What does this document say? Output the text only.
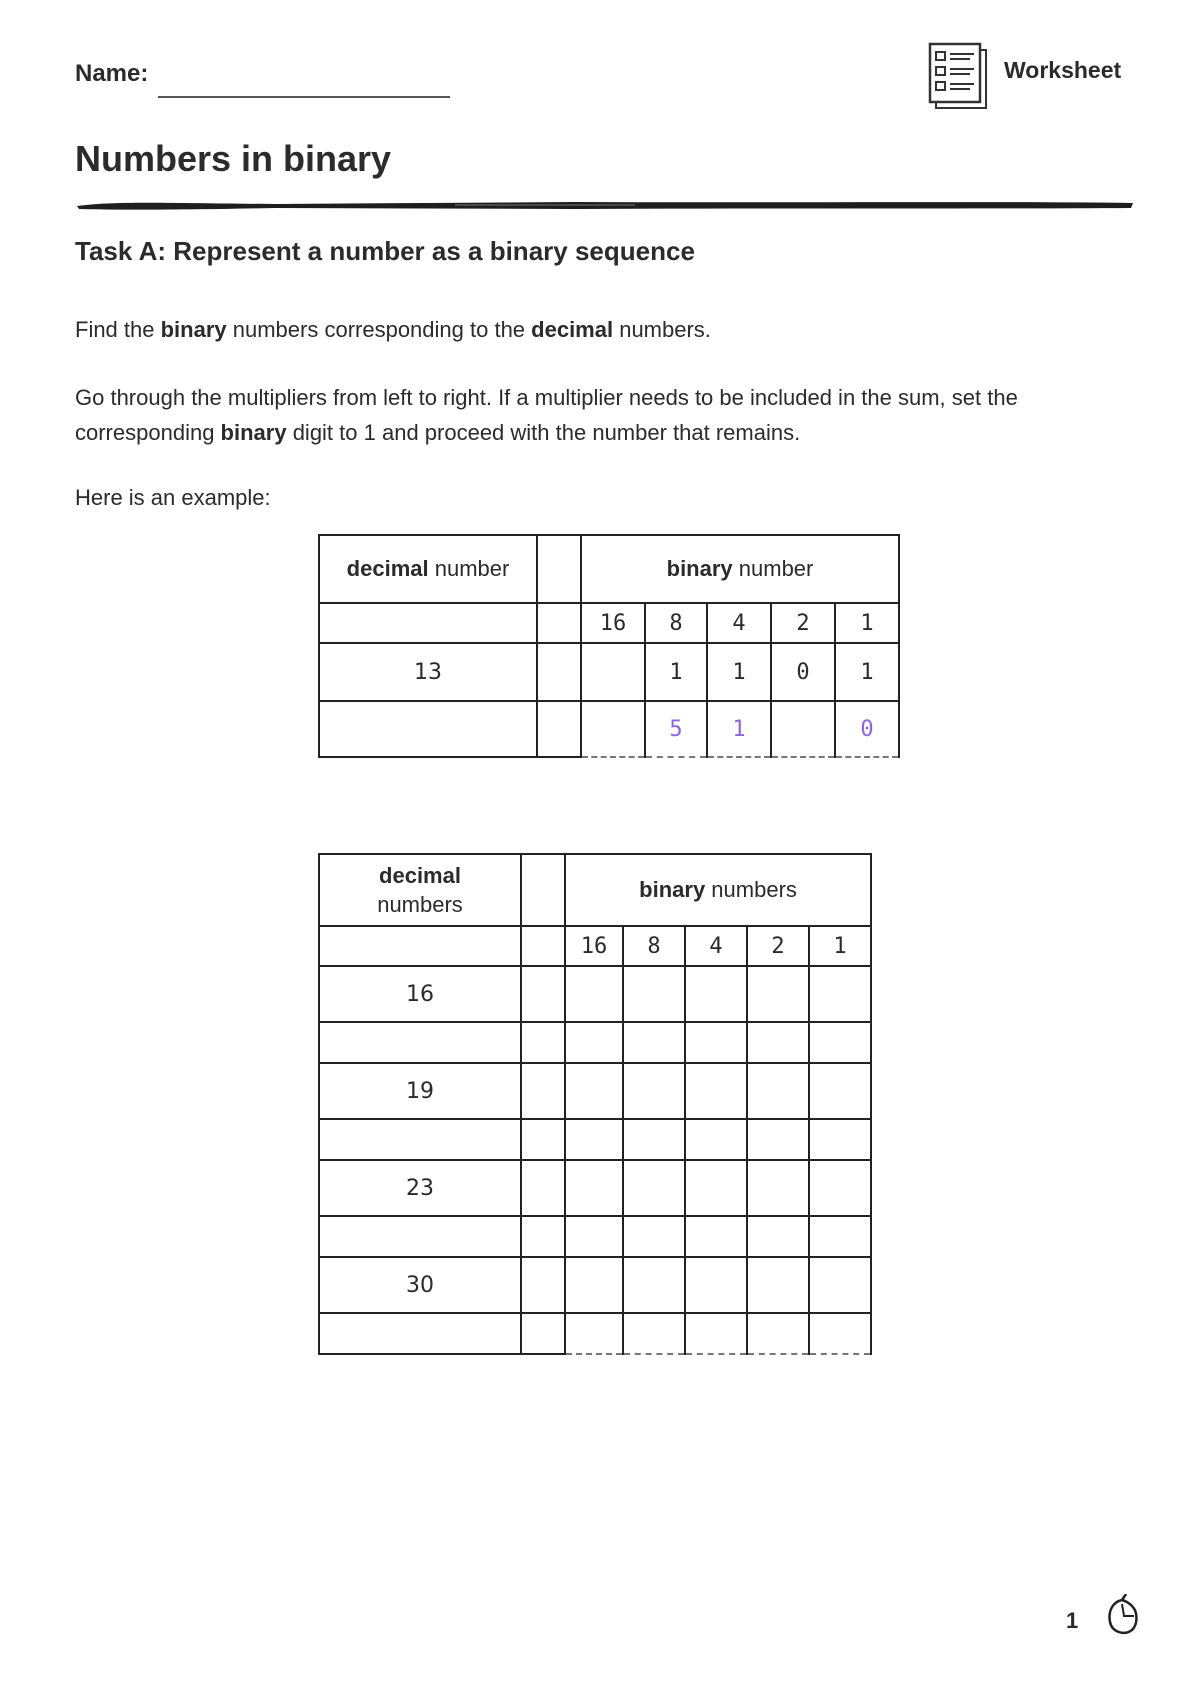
Name:	Worksheet
Numbers in binary
Task A: Represent a number as a binary sequence

Find the binary numbers corresponding to the decimal numbers.

Go through the multipliers from left to right. If a multiplier needs to be included in the sum, set the corresponding binary digit to 1 and proceed with the number that remains.

Here is an example:

decimal number		binary number				
		16	8	4	2	1
13			1	1	0	1
			5	1		0
decimal
numbers		binary numbers				
		16	8	4	2	1
16						

19						

23						

30						

1
